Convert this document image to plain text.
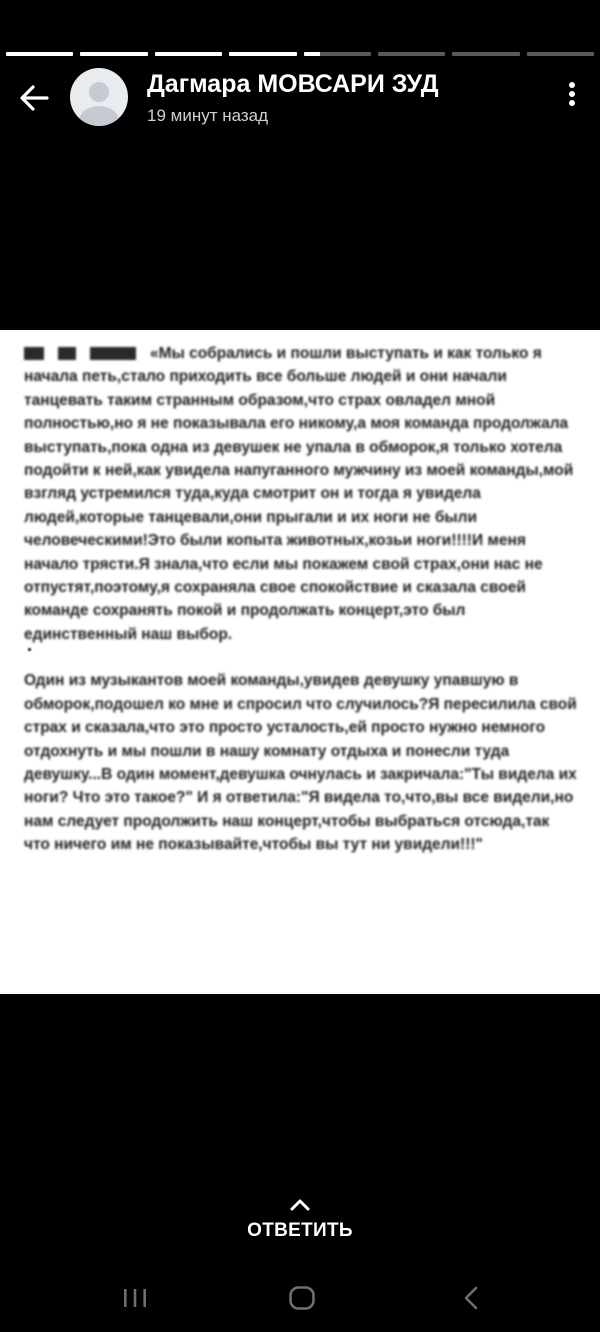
Дагмара МОВСАРИ ЗУД
19 минут назад

«Мы собрались и пошли выступать и как только я начала петь,стало приходить все больше людей и они начали танцевать таким странным образом,что страх овладел мной полностью,но я не показывала его никому,а моя команда продолжала выступать,пока одна из девушек не упала в обморок,я только хотела подойти к ней,как увидела напуганного мужчину из моей команды,мой взгляд устремился туда,куда смотрит он и тогда я увидела людей,которые танцевали,они прыгали и их ноги не были человеческими!Это были копыта животных,козьи ноги!!!!И меня начало трясти.Я знала,что если мы покажем свой страх,они нас не отпустят,поэтому,я сохраняла свое спокойствие и сказала своей команде сохранять покой и продолжать концерт,это был единственный наш выбор.

Один из музыкантов моей команды,увидев девушку упавшую в обморок,подошел ко мне и спросил что случилось?Я пересилила свой страх и сказала,что это просто усталость,ей просто нужно немного отдохнуть и мы пошли в нашу комнату отдыха и понесли туда девушку...В один момент,девушка очнулась и закричала:"Ты видела их ноги? Что это такое?" И я ответила:"Я видела то,что,вы все видели,но нам следует продолжить наш концерт,чтобы выбраться отсюда,так что ничего им не показывайте,чтобы вы тут ни увидели!!!"

ОТВЕТИТЬ
